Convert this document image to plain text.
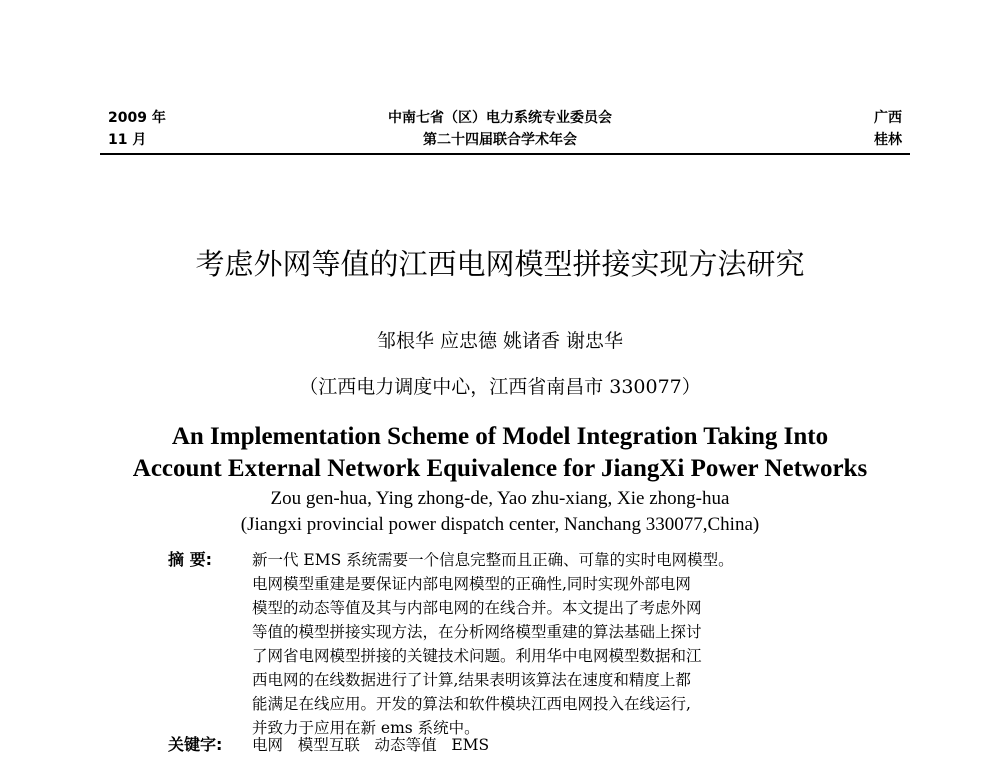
2009 年
11 月
中南七省（区）电力系统专业委员会
第二十四届联合学术年会
广西
桂林
考虑外网等值的江西电网模型拼接实现方法研究
邹根华 应忠德 姚诸香 谢忠华
（江西电力调度中心，江西省南昌市 330077）
An Implementation Scheme of Model Integration Taking Into
Account External Network Equivalence for JiangXi Power Networks
Zou gen-hua, Ying zhong-de, Yao zhu-xiang, Xie zhong-hua
(Jiangxi provincial power dispatch center, Nanchang 330077,China)
摘 要:	新一代 EMS 系统需要一个信息完整而且正确、可靠的实时电网模型。
电网模型重建是要保证内部电网模型的正确性,同时实现外部电网
模型的动态等值及其与内部电网的在线合并。本文提出了考虑外网
等值的模型拼接实现方法，在分析网络模型重建的算法基础上探讨
了网省电网模型拼接的关键技术问题。利用华中电网模型数据和江
西电网的在线数据进行了计算,结果表明该算法在速度和精度上都
能满足在线应用。开发的算法和软件模块江西电网投入在线运行,
并致力于应用在新 ems 系统中。
关键字: 电网   模型互联   动态等值   EMS
